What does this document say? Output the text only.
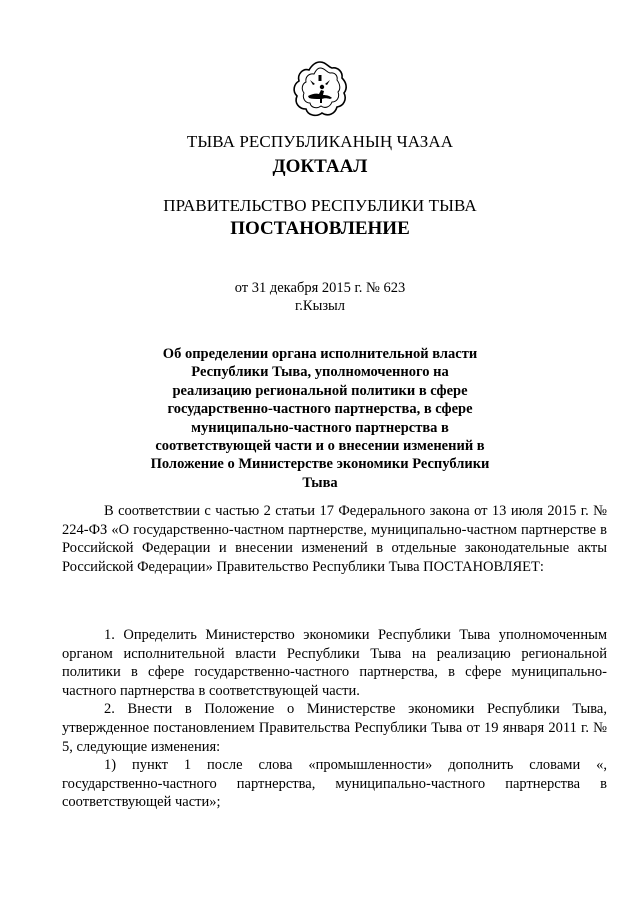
ТЫВА РЕСПУБЛИКАНЫҢ ЧАЗАА
ДОКТААЛ
ПРАВИТЕЛЬСТВО РЕСПУБЛИКИ ТЫВА
ПОСТАНОВЛЕНИЕ
от 31 декабря 2015 г. № 623
г.Кызыл
Об определении органа исполнительной власти Республики Тыва, уполномоченного на реализацию региональной политики в сфере государственно-частного партнерства, в сфере муниципально-частного партнерства в соответствующей части и о внесении изменений в Положение о Министерстве экономики Республики Тыва

В соответствии с частью 2 статьи 17 Федерального закона от 13 июля 2015 г. № 224-ФЗ «О государственно-частном партнерстве, муниципально-частном партнерстве в Российской Федерации и внесении изменений в отдельные законодательные акты Российской Федерации» Правительство Республики Тыва ПОСТАНОВЛЯЕТ:

1. Определить Министерство экономики Республики Тыва уполномоченным органом исполнительной власти Республики Тыва на реализацию региональной политики в сфере государственно-частного партнерства, в сфере муниципально-частного партнерства в соответствующей части.

2. Внести в Положение о Министерстве экономики Республики Тыва, утвержденное постановлением Правительства Республики Тыва от 19 января 2011 г. № 5, следующие изменения:

1) пункт 1 после слова «промышленности» дополнить словами «, государственно-частного партнерства, муниципально-частного партнерства в соответствующей части»;
